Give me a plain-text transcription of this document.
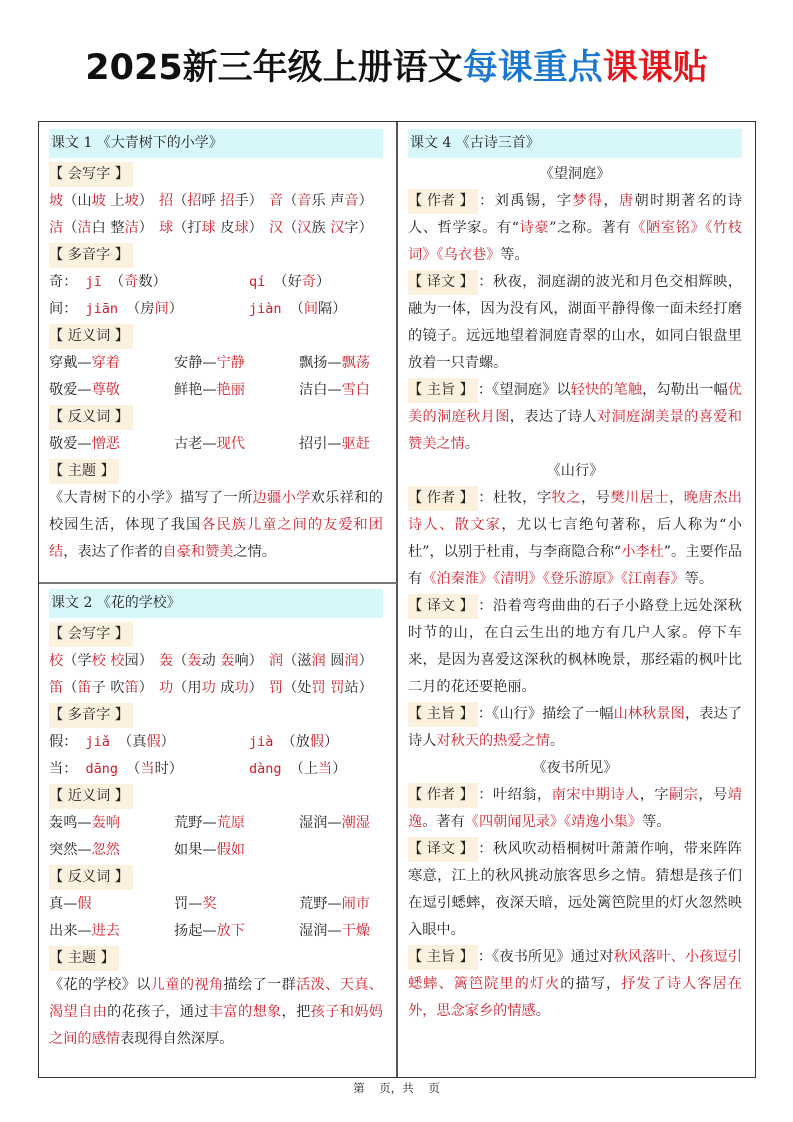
2025新三年级上册语文每课重点课课贴
课文 1 《大青树下的小学》
【 会写字 】
坡（山坡 上坡） 招（招呼 招手） 音（音乐 声音）
洁（洁白 整洁） 球（打球 皮球） 汉（汉族 汉字）
【 多音字 】
奇： jī （奇数）	qí （好奇）
间： jiān （房间）	jiàn （间隔）
【 近义词 】
穿戴—穿着	安静—宁静	飘扬—飘荡
敬爱—尊敬	鲜艳—艳丽	洁白—雪白
【 反义词 】
敬爱—憎恶	古老—现代	招引—驱赶
【 主题 】
《大青树下的小学》描写了一所边疆小学欢乐祥和的校园生活，体现了我国各民族儿童之间的友爱和团结，表达了作者的自豪和赞美之情。
课文 2 《花的学校》
【 会写字 】
校（学校 校园） 轰（轰动 轰响） 润（滋润 圆润）
笛（笛子 吹笛） 功（用功 成功） 罚（处罚 罚站）
【 多音字 】
假： jiǎ （真假）	jià （放假）
当： dāng （当时）	dàng （上当）
【 近义词 】
轰鸣—轰响	荒野—荒原	湿润—潮湿
突然—忽然	如果—假如
【 反义词 】
真—假	罚—奖	荒野—闹市
出来—进去	扬起—放下	湿润—干燥
【 主题 】
《花的学校》以儿童的视角描绘了一群活泼、天真、渴望自由的花孩子，通过丰富的想象，把孩子和妈妈之间的感情表现得自然深厚。
课文 4 《古诗三首》
《望洞庭》
【 作者 】 ：刘禹锡，字梦得，唐朝时期著名的诗人、哲学家。有“诗豪”之称。著有《陋室铭》《竹枝词》《乌衣巷》等。
【 译文 】 ：秋夜，洞庭湖的波光和月色交相辉映，融为一体，因为没有风，湖面平静得像一面未经打磨的镜子。远远地望着洞庭青翠的山水，如同白银盘里放着一只青螺。
【 主旨 】 ：《望洞庭》以轻快的笔触，勾勒出一幅优美的洞庭秋月图，表达了诗人对洞庭湖美景的喜爱和赞美之情。
《山行》
【 作者 】 ：杜牧，字牧之，号樊川居士，晚唐杰出诗人、散文家，尤以七言绝句著称，后人称为“小杜”，以别于杜甫，与李商隐合称“小李杜”。主要作品有《泊秦淮》《清明》《登乐游原》《江南春》等。
【 译文 】 ：沿着弯弯曲曲的石子小路登上远处深秋时节的山，在白云生出的地方有几户人家。停下车来，是因为喜爱这深秋的枫林晚景，那经霜的枫叶比二月的花还要艳丽。
【 主旨 】 ：《山行》描绘了一幅山林秋景图，表达了诗人对秋天的热爱之情。
《夜书所见》
【 作者 】 ：叶绍翁，南宋中期诗人，字嗣宗，号靖逸。著有《四朝闻见录》《靖逸小集》等。
【 译文 】 ：秋风吹动梧桐树叶萧萧作响，带来阵阵寒意，江上的秋风挑动旅客思乡之情。猜想是孩子们在逗引蟋蟀，夜深天暗，远处篱笆院里的灯火忽然映入眼中。
【 主旨 】 ：《夜书所见》通过对秋风落叶、小孩逗引蟋蟀、篱笆院里的灯火的描写，抒发了诗人客居在外，思念家乡的情感。
第    页，共    页
